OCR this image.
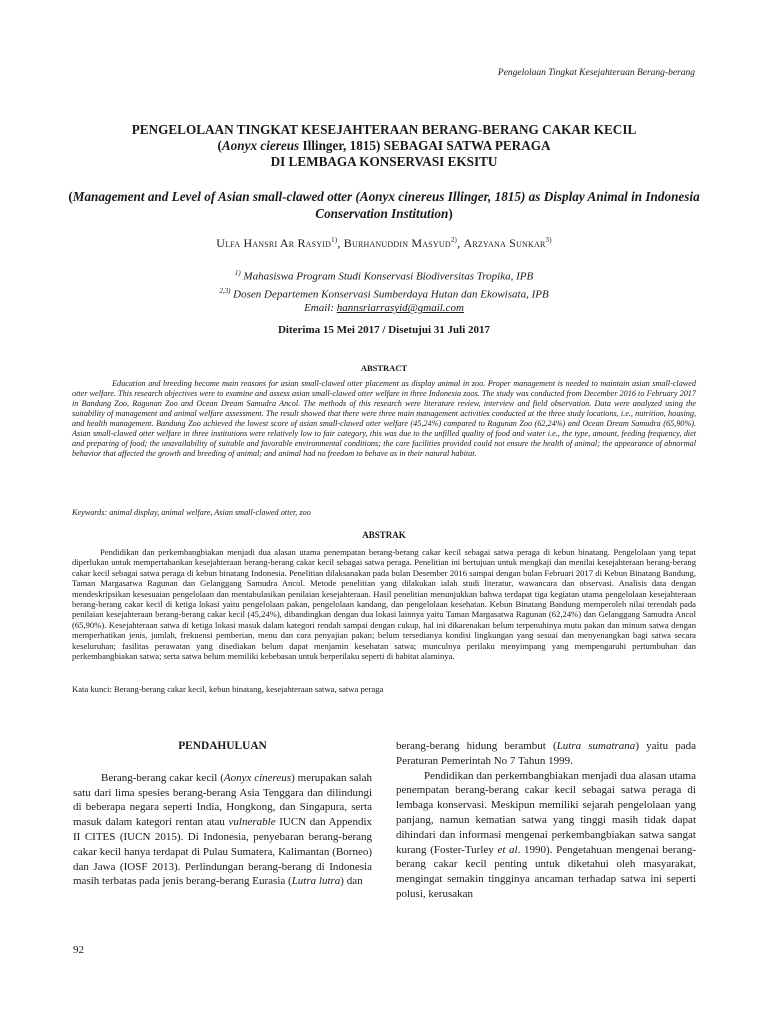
Pengelolaan Tingkat Kesejahteraan Berang-berang
PENGELOLAAN TINGKAT KESEJAHTERAAN BERANG-BERANG CAKAR KECIL
(Aonyx ciereus Illinger, 1815) SEBAGAI SATWA PERAGA
DI LEMBAGA KONSERVASI EKSITU
(Management and Level of Asian small-clawed otter (Aonyx cinereus Illinger, 1815) as Display Animal in Indonesia Conservation Institution)
Ulfa Hansri Ar Rasyid$^{1)}$, Burhanuddin Masyud$^{2)}$, Arzyana Sunkar$^{3)}$
$^{1)}$ Mahasiswa Program Studi Konservasi Biodiversitas Tropika, IPB
$^{2,3)}$ Dosen Departemen Konservasi Sumberdaya Hutan dan Ekowisata, IPB
Email: hannsriarrasyid@gmail.com
Diterima 15 Mei 2017 / Disetujui 31 Juli 2017
ABSTRACT
Education and breeding become main reasons for asian small-clawed otter placement as display animal in zoo. Proper management is needed to maintain asian small-clawed otter welfare. This research objectives were to examine and assess asian small-clawed otter welfare in three Indonesia zoos. The study was conducted from December 2016 to February 2017 in Bandung Zoo, Ragunan Zoo and Ocean Dream Samudra Ancol. The methods of this research were literature review, interview and field observation. Data were analyzed using the suitability of management and animal welfare assessment. The result showed that there were three main management activities conducted at the three study locations, i.e., nutrition, housing, and health management. Bandung Zoo achieved the lowest score of asian small-clawed otter welfare (45,24%) compared to Ragunan Zoo (62,24%) and Ocean Dream Samudra (65,90%). Asian small-clawed otter welfare in three institutions were relatively low to fair category, this was due to the unfilled quality of food and water i.e., the type, amount, feeding frequency, diet and preparing of food; the unavailability of suitable and favorable environmental conditions; the care facilities provided could not ensure the health of animal; the appearance of abnormal behavior that affected the growth and breeding of animal; and animal had no freedom to behave as in their natural habitat.
Keywords: animal display, animal welfare, Asian small-clawed otter, zoo
ABSTRAK
Pendidikan dan perkembangbiakan menjadi dua alasan utama penempatan berang-berang cakar kecil sebagai satwa peraga di kebun binatang. Pengelolaan yang tepat diperlukan untuk mempertahankan kesejahteraan berang-berang cakar kecil sebagai satwa peraga. Penelitian ini bertujuan untuk mengkaji dan menilai kesejahteraan berang-berang cakar kecil sebagai satwa peraga di kebun binatang Indonesia. Penelitian dilaksanakan pada bulan Desember 2016 sampai dengan bulan Februari 2017 di Kebun Binatang Bandung, Taman Margasatwa Ragunan dan Gelanggang Samudra Ancol. Metode penelitian yang dilakukan ialah studi literatur, wawancara dan observasi. Analisis data dengan mendeskripsikan kesesuaian pengelolaan dan mentabulasikan penilaian kesejahteraan. Hasil penelitian menunjukkan bahwa terdapat tiga kegiatan utama pengelolaan kesejahteraan berang-berang cakar kecil di ketiga lokasi yaitu pengelolaan pakan, pengelolaan kandang, dan pengelolaan kesehatan. Kebun Binatang Bandung memperoleh nilai terendah pada penilaian kesejahteraan berang-berang cakar kecil (45,24%), dibandingkan dengan dua lokasi lainnya yaitu Taman Margasatwa Ragunan (62,24%) dan Gelanggang Samudra Ancol (65,90%). Kesejahteraan satwa di ketiga lokasi masuk dalam kategori rendah sampai dengan cukup, hal ini dikarenakan belum terpenuhinya mutu pakan dan minum satwa dengan memperhatikan jenis, jumlah, frekuensi pemberian, menu dan cara penyajian pakan; belum tersedianya kondisi lingkungan yang sesuai dan menyenangkan bagi satwa secara keseluruhan; fasilitas perawatan yang disediakan belum dapat menjamin kesehatan satwa; munculnya perilaku menyimpang yang mempengaruhi pertumbuhan dan perkembangbiakan satwa; serta satwa belum memiliki kebebasan untuk berperilaku seperti di habitat alaminya.
Kata kunci: Berang-berang cakar kecil, kebun binatang, kesejahteraan satwa, satwa peraga
PENDAHULUAN

Berang-berang cakar kecil (Aonyx cinereus) merupakan salah satu dari lima spesies berang-berang Asia Tenggara dan dilindungi di beberapa negara seperti India, Hongkong, dan Singapura, serta masuk dalam kategori rentan atau vulnerable IUCN dan Appendix II CITES (IUCN 2015). Di Indonesia, penyebaran berang-berang cakar kecil hanya terdapat di Pulau Sumatera, Kalimantan (Borneo) dan Jawa (IOSF 2013). Perlindungan berang-berang di Indonesia masih terbatas pada jenis berang-berang Eurasia (Lutra lutra) dan

berang-berang hidung berambut (Lutra sumatrana) yaitu pada Peraturan Pemerintah No 7 Tahun 1999.

Pendidikan dan perkembangbiakan menjadi dua alasan utama penempatan berang-berang cakar kecil sebagai satwa peraga di lembaga konservasi. Meskipun memiliki sejarah pengelolaan yang panjang, namun kematian satwa yang tinggi masih tidak dapat dihindari dan informasi mengenai perkembangbiakan satwa sangat kurang (Foster-Turley et al. 1990). Pengetahuan mengenai berang-berang cakar kecil penting untuk diketahui oleh masyarakat, mengingat semakin tingginya ancaman terhadap satwa ini seperti polusi, kerusakan

92
